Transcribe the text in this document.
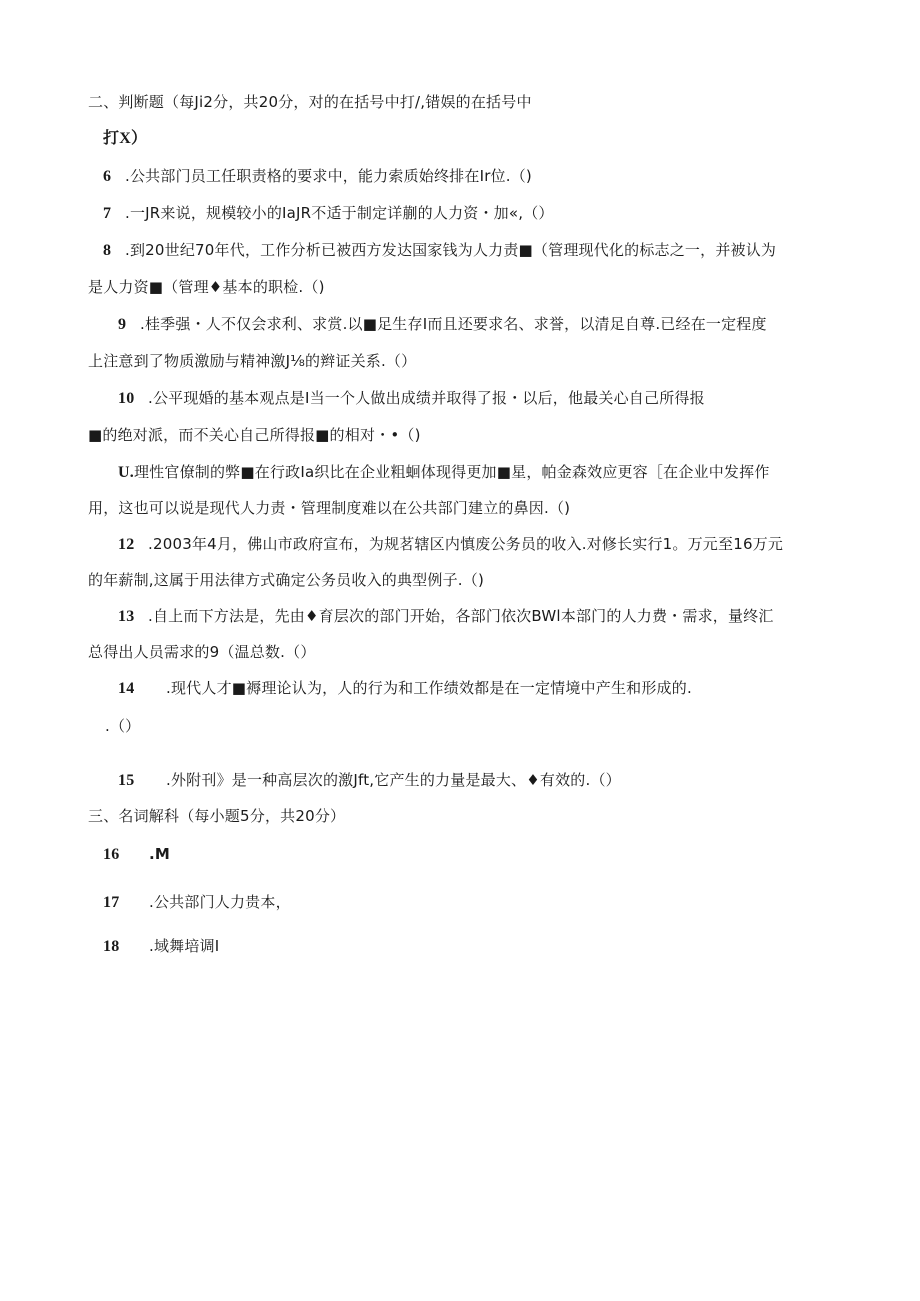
二、判断题（每Ji2分，共20分，对的在括号中打/,错娱的在括号中
打X）
6 .公共部门员工任职责格的要求中，能力索质始终排在Ir位.（)
7 .一JR来说，规模较小的IaJR不适于制定详蒯的人力资・加«,（）
8 .到20世纪70年代，工作分析已被西方发达国家钱为人力责■（管理现代化的标志之一，并被认为
是人力资■（管理♦基本的职检.（)
9 .桂季强・人不仅会求利、求赏.以■足生存I而且还要求名、求誉，以清足自尊.已经在一定程度
上注意到了物质激励与精神激J⅛的辫证关系.（）
10 .公平现婚的基本观点是I当一个人做出成绩并取得了报・以后，他最关心自己所得报
■的绝对派，而不关心自己所得报■的相对・•（)
U.理性官僚制的弊■在行政Ia织比在企业粗蛔体现得更加■星，帕金森效应更容［在企业中发挥作
用，这也可以说是现代人力责・管理制度难以在公共部门建立的鼻因.（)
12 .2003年4月，佛山市政府宣布，为规茗辖区内慎废公务员的收入.对修长实行1。万元至16万元
的年薪制,这属于用法律方式确定公务员收入的典型例子.（)
13 .自上而下方法是，先由♦育层次的部门开始，各部门依次BWl本部门的人力费・需求，量终汇
总得出人员需求的9（温总数.（）
14 .现代人才■褥理论认为，人的行为和工作绩效都是在一定情境中产生和形成的.
.（）
15 .外附刊》是一种高层次的激Jft,它产生的力量是最大、♦有效的.（）
三、名词解科（每小题5分，共20分）
16 .M
17 .公共部门人力贵本，
18 .域舞培调I
